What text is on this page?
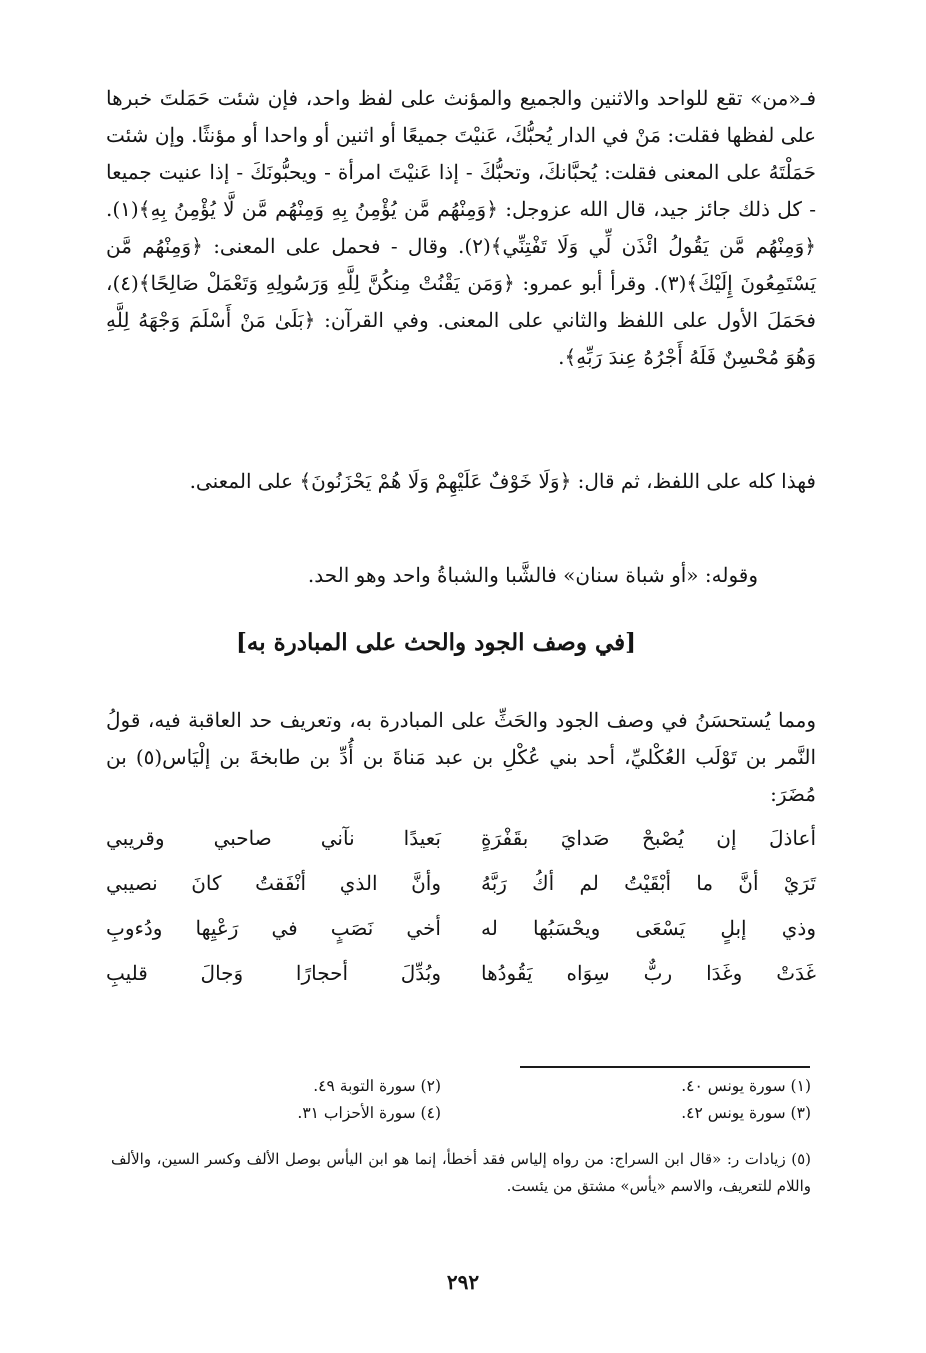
فـ«من» تقع للواحد والاثنين والجميع والمؤنث على لفظ واحد، فإن شئت حَمَلتَ خبرها على لفظها فقلت: مَنْ في الدار يُحبُّكَ، عَنيْتَ جميعًا أو اثنين أو واحدا أو مؤنثًا. وإن شئت حَمَلْتَهُ على المعنى فقلت: يُحبَّانكَ، وتحبُّكَ - إذا عَنيْتَ امرأة - ويحبُّونَكَ - إذا عنيت جميعا - كل ذلك جائز جيد، قال الله عزوجل: ﴿وَمِنْهُم مَّن يُؤْمِنُ بِهِ وَمِنْهُم مَّن لَّا يُؤْمِنُ بِهِ﴾(١). ﴿وَمِنْهُم مَّن يَقُولُ ائْذَن لِّي وَلَا تَفْتِنِّي﴾(٢). وقال - فحمل على المعنى: ﴿وَمِنْهُم مَّن يَسْتَمِعُونَ إِلَيْكَ﴾(٣). وقرأ أبو عمرو: ﴿وَمَن يَقْنُتْ مِنكُنَّ لِلَّهِ وَرَسُولِهِ وَتَعْمَلْ صَالِحًا﴾(٤)، فحَمَلَ الأول على اللفظ والثاني على المعنى. وفي القرآن: ﴿بَلَىٰ مَنْ أَسْلَمَ وَجْهَهُ لِلَّهِ وَهُوَ مُحْسِنٌ فَلَهُ أَجْرُهُ عِندَ رَبِّهِ﴾.

فهذا كله على اللفظ، ثم قال: ﴿وَلَا خَوْفٌ عَلَيْهِمْ وَلَا هُمْ يَحْزَنُونَ﴾ على المعنى.

وقوله: «أو شباة سنان» فالشَّبا والشباةُ واحد وهو الحد.

[في وصف الجود والحث على المبادرة به]

ومما يُستحسَنُ في وصف الجود والحَثِّ على المبادرة به، وتعريف حد العاقبة فيه، قولُ النَّمر بن تَوْلَب العُكْليِّ، أحد بني عُكْلِ بن عبد مَناةَ بن أُدِّ بن طابخةَ بن إلْيَاس(٥) بن مُضَرَ:

أعاذلَ إن يُصْبحْ صَدايَ بقَفْرَةٍ
بَعيدًا نآني صاحبي وقريبي
تَرَيْ أنَّ ما أبْقَيْتُ لم أكُ رَبَّهُ
وأنَّ الذي أنْفَقتُ كانَ نصيبي
وذي إبلٍ يَسْعَى ويحْسَبُها له
أخي نَصَبٍ في رَعْيِها ودُءوبِ
غَدَتْ وغَدَا ربٌّ سِوَاه يَقُودُها
وبُدِّلَ أحجارًا وَجالَ قليبِ
(١) سورة يونس ٤٠.
(٢) سورة التوبة ٤٩.
(٣) سورة يونس ٤٢.
(٤) سورة الأحزاب ٣١.

(٥) زيادات ر: «قال ابن السراج: من رواه إلياس فقد أخطأ، إنما هو ابن اليأس بوصل الألف وكسر السين، والألف واللام للتعريف، والاسم «يأس» مشتق من يئست.

٢٩٢
